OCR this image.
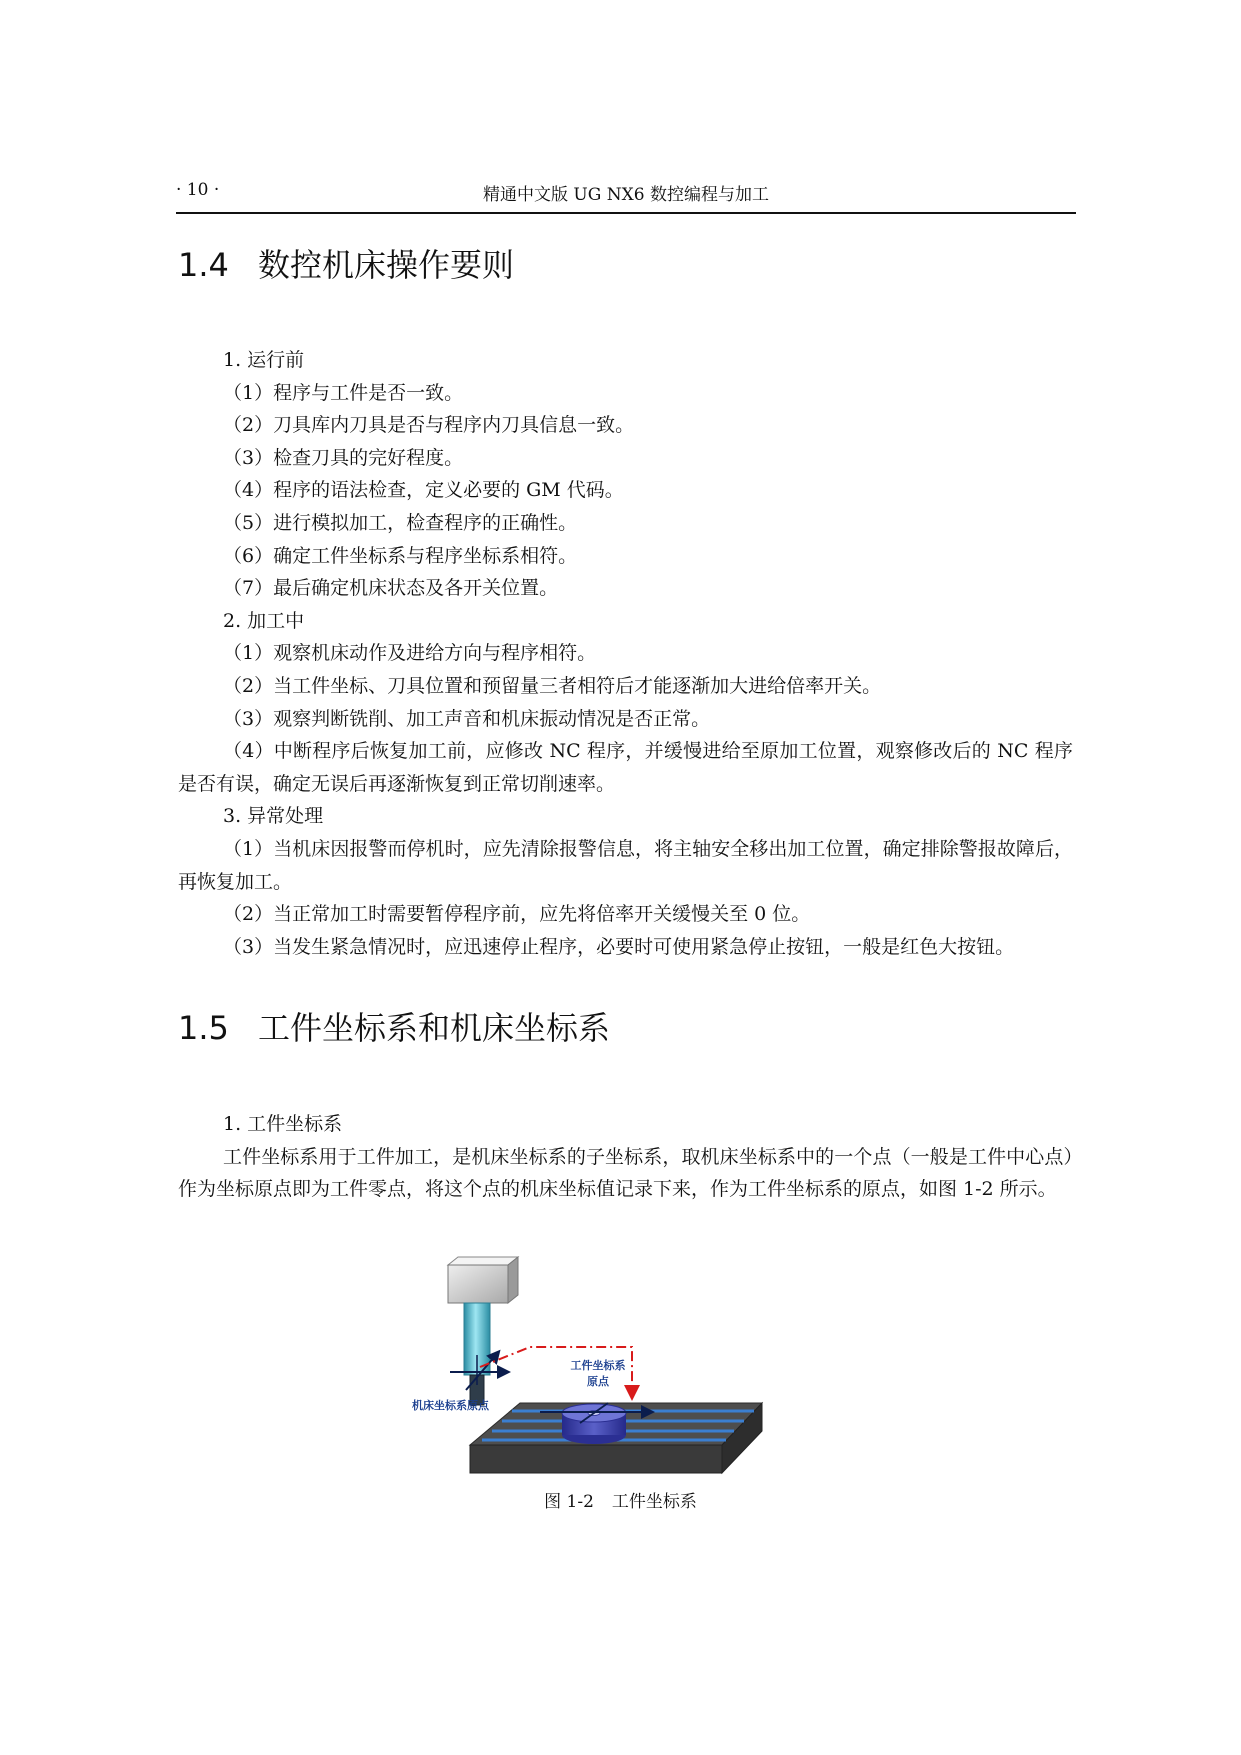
· 10 ·	精通中文版 UG NX6 数控编程与加工
1.4 数控机床操作要则

1. 运行前

（1）程序与工件是否一致。

（2）刀具库内刀具是否与程序内刀具信息一致。

（3）检查刀具的完好程度。

（4）程序的语法检查，定义必要的 GM 代码。

（5）进行模拟加工，检查程序的正确性。

（6）确定工件坐标系与程序坐标系相符。

（7）最后确定机床状态及各开关位置。

2. 加工中

（1）观察机床动作及进给方向与程序相符。

（2）当工件坐标、刀具位置和预留量三者相符后才能逐渐加大进给倍率开关。

（3）观察判断铣削、加工声音和机床振动情况是否正常。

（4）中断程序后恢复加工前，应修改 NC 程序，并缓慢进给至原加工位置，观察修改后的 NC 程序是否有误，确定无误后再逐渐恢复到正常切削速率。

3. 异常处理

（1）当机床因报警而停机时，应先清除报警信息，将主轴安全移出加工位置，确定排除警报故障后，再恢复加工。

（2）当正常加工时需要暂停程序前，应先将倍率开关缓慢关至 0 位。

（3）当发生紧急情况时，应迅速停止程序，必要时可使用紧急停止按钮，一般是红色大按钮。

1.5 工件坐标系和机床坐标系

1. 工件坐标系

工件坐标系用于工件加工，是机床坐标系的子坐标系，取机床坐标系中的一个点（一般是工件中心点）作为坐标原点即为工件零点，将这个点的机床坐标值记录下来，作为工件坐标系的原点，如图 1-2 所示。

机床坐标系原点
工件坐标系
原点
图 1-2 工件坐标系
